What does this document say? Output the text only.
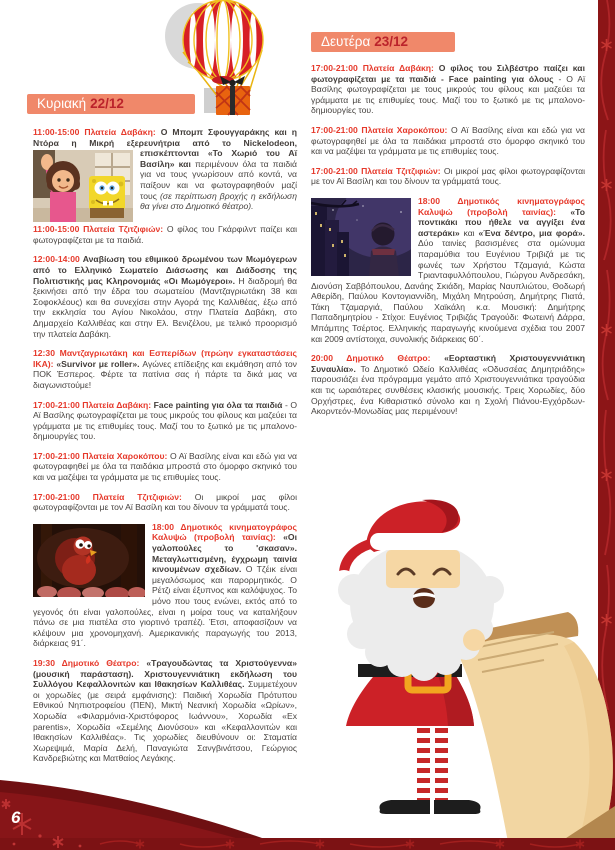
Κυριακή 22/12

11:00-15:00 Πλατεία Δαβάκη: Ο Μπομπ Σφουγγαράκης και η Ντόρα η Μικρή εξερευνήτρια από το Nickelodeon, επισκέπτονται
«Το Χωριό του Αϊ Βασίλη» και περιμένουν όλα τα παιδιά για να τους γνωρίσουν από κοντά, να παίξουν και να φωτογραφηθούν μαζί τους (σε περίπτωση βροχής η εκδήλωση θα γίνει στο Δημοτικό θέατρο).

11:00-15:00 Πλατεία Τζιτζιφιών: Ο φίλος του Γκάρφιλντ παίζει και φωτογραφίζεται με τα παιδιά.

12:00-14:00 Αναβίωση του εθιμικού δρωμένου των Μωμόγερων από το Ελληνικό Σωματείο Διάσωσης και Διάδοσης της Πολιτιστικής μας Κληρονομιάς «Οι Μωμόγεροι». Η διαδρομή θα ξεκινήσει από την έδρα του σωματείου (Μαντζαγριωτάκη 38 και Σοφοκλέους) και θα συνεχίσει στην Αγορά της Καλλιθέας, έξω από την εκκλησία του Αγίου Νικολάου, στην Πλατεία Δαβάκη, στο Δημαρχείο Καλλιθέας και στην Ελ. Βενιζέλου, με τελικό προορισμό την πλατεία Δαβάκη.

12:30 Μαντζαγριωτάκη και Εσπερίδων (πρώην εγκαταστάσεις ΙΚΑ): «Survivor με roller». Αγώνες επίδειξης και εκμάθηση από τον ΠΟΚ Έσπερος. Φέρτε τα πατίνια σας ή πάρτε τα δικά μας να διαγωνιστούμε!

17:00-21:00 Πλατεία Δαβάκη: Face painting για όλα τα παιδιά - Ο Αϊ Βασίλης φωτογραφίζεται με τους μικρούς του φίλους και μαζεύει τα γράμματα με τις επιθυμίες τους. Μαζί του το ξωτικό με τις μπαλονο-δημιουργίες του.

17:00-21:00 Πλατεία Χαροκόπου: Ο Αϊ Βασίλης είναι και εδώ για να φωτογραφηθεί με όλα τα παιδάκια μπροστά στο όμορφο σκηνικό του και να μαζέψει τα γράμματα με τις επιθυμίες τους.

17:00-21:00 Πλατεία Τζιτζιφιών: Οι μικροί μας φίλοι φωτογραφίζονται με τον Αϊ Βασίλη και του δίνουν τα γράμματά τους.

18:00 Δημοτικός κινηματογράφος Καλυψώ (προβολή ταινίας): «Οι γαλοπούλες το 'σκασαν». Μεταγλωττισμένη, έγχρωμη ταινία κινουμένων σχεδίων. Ο Τζέικ είναι μεγαλόσωμος και παρορμητικός. Ο Ρέτζι είναι έξυπνος και καλόψυχος. Το μόνο που τους ενώνει, εκτός από το γεγονός ότι είναι γαλοπούλες, είναι η μοίρα τους να καταλήξουν πάνω σε μια πιατέλα στο γιορτινό τραπέζι. Έτσι, αποφασίζουν να κλέψουν μια χρονομηχανή. Αμερικανικής παραγωγής του 2013, διάρκειας 91΄.

19:30 Δημοτικό Θέατρο: «Τραγουδώντας τα Χριστούγεννα» (μουσική παράσταση). Χριστουγεννιάτικη εκδήλωση του Συλλόγου Κεφαλλονιτών και Ιθακησίων Καλλιθέας. Συμμετέχουν οι χορωδίες (με σειρά εμφάνισης): Παιδική Χορωδία Πρότυπου Εθνικού Νηπιοτροφείου (ΠΕΝ), Μικτή Νεανική Χορωδία «Ωρίων», Χορωδία «Φιλαρμόνια-Χριστόφορος Ιωάννου», Χορωδία «Ex parentis», Χορωδία «Σεμέλης Διονύσου» και «Κεφαλλονιτών και Ιθακησίων Καλλιθέας». Τις χορωδίες διευθύνουν οι: Σταματία Χωρεψιμά, Μαρία Δελή, Παναγιώτα Σανγβινάτσου, Γεώργιος Κανδρεβιώτης και Ματθαίος Λεγάκης.

Δευτέρα 23/12

17:00-21:00 Πλατεία Δαβάκη: Ο φίλος του Σιλβέστρο παίζει και φωτογραφίζεται με τα παιδιά - Face painting για όλους - Ο Αϊ Βασίλης φωτογραφίζεται με τους μικρούς του φίλους και μαζεύει τα γράμματα με τις επιθυμίες τους. Μαζί του το ξωτικό με τις μπαλονο-δημιουργίες του.

17:00-21:00 Πλατεία Χαροκόπου: Ο Αϊ Βασίλης είναι και εδώ για να φωτογραφηθεί με όλα τα παιδάκια μπροστά στο όμορφο σκηνικό του και να μαζέψει τα γράμματα με τις επιθυμίες τους.

17:00-21:00 Πλατεία Τζιτζιφιών: Οι μικροί μας φίλοι φωτογραφίζονται με τον Αϊ Βασίλη και του δίνουν τα γράμματά τους.

18:00 Δημοτικός κινηματογράφος Καλυψώ (προβολή ταινίας): «Το ποντικάκι που ήθελε να αγγίξει ένα αστεράκι» και «Ένα δέντρο, μια φορά». Δύο ταινίες βασισμένες στα ομώνυμα παραμύθια του Ευγένιου Τριβιζά με τις φωνές των Χρήστου Τζαμαγιά, Κώστα Τριανταφυλλόπουλου, Γιώργου Ανδρεσάκη, Διονύση Σαββόπουλου, Δανάης Σκιάδη, Μαρίας Ναυπλιώτου, Θοδωρή Αθερίδη, Παύλου Κοντογιαννίδη, Μιχάλη Μητρούση, Δημήτρης Πιατά, Τάκη Τζαμαργιά, Παύλου Χαϊκάλη κ.α. Μουσική: Δημήτρης Παπαδημητρίου - Στίχοι: Ευγένιος Τριβιζάς Τραγούδι: Φωτεινή Δάρρα, Μπάμπης Τσέρτος. Ελληνικής παραγωγής κινούμενα σχέδια του 2007 και 2009 αντίστοιχα, συνολικής διάρκειας 60΄.

20:00 Δημοτικό Θέατρο: «Εορταστική Χριστουγεννιάτικη Συναυλία». Το Δημοτικό Ωδείο Καλλιθέας «Οδυσσέας Δημητριάδης» παρουσιάζει ένα πρόγραμμα γεμάτο από Χριστουγεννιάτικα τραγούδια και τις ωραιότερες συνθέσεις κλασικής μουσικής. Τρεις Χορωδίες, δύο Ορχήστρες, ένα Κιθαριστικό σύνολο και η Σχολή Πιάνου-Εγχόρδων-Ακορντεόν-Μονωδίας μας περιμένουν!

6
